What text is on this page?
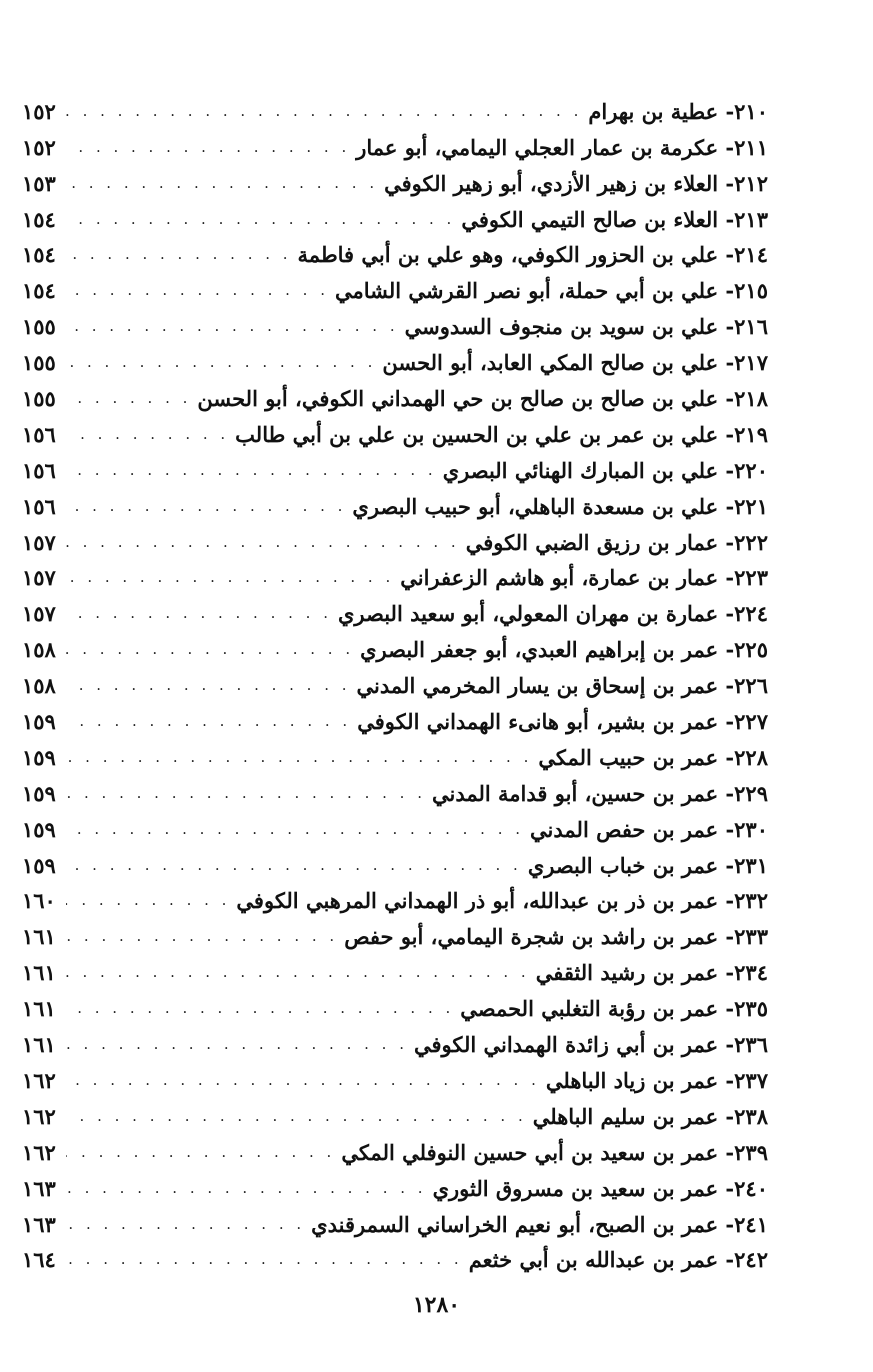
٢١٠- عطية بن بهرام
. . .
١٥٢
٢١١- عكرمة بن عمار العجلي اليمامي، أبو عمار
. . .
١٥٢
٢١٢- العلاء بن زهير الأزدي، أبو زهير الكوفي
. . .
١٥٣
٢١٣- العلاء بن صالح التيمي الكوفي
. . .
١٥٤
٢١٤- علي بن الحزور الكوفي، وهو علي بن أبي فاطمة
. . .
١٥٤
٢١٥- علي بن أبي حملة، أبو نصر القرشي الشامي
. . .
١٥٤
٢١٦- علي بن سويد بن منجوف السدوسي
. . .
١٥٥
٢١٧- علي بن صالح المكي العابد، أبو الحسن
. . .
١٥٥
٢١٨- علي بن صالح بن صالح بن حي الهمداني الكوفي، أبو الحسن
. . .
١٥٥
٢١٩- علي بن عمر بن علي بن الحسين بن علي بن أبي طالب
. . .
١٥٦
٢٢٠- علي بن المبارك الهنائي البصري
. . .
١٥٦
٢٢١- علي بن مسعدة الباهلي، أبو حبيب البصري
. . .
١٥٦
٢٢٢- عمار بن رزيق الضبي الكوفي
. . .
١٥٧
٢٢٣- عمار بن عمارة، أبو هاشم الزعفراني
. . .
١٥٧
٢٢٤- عمارة بن مهران المعولي، أبو سعيد البصري
. . .
١٥٧
٢٢٥- عمر بن إبراهيم العبدي، أبو جعفر البصري
. . .
١٥٨
٢٢٦- عمر بن إسحاق بن يسار المخرمي المدني
. . .
١٥٨
٢٢٧- عمر بن بشير، أبو هانىء الهمداني الكوفي
. . .
١٥٩
٢٢٨- عمر بن حبيب المكي
. . .
١٥٩
٢٢٩- عمر بن حسين، أبو قدامة المدني
. . .
١٥٩
٢٣٠- عمر بن حفص المدني
. . .
١٥٩
٢٣١- عمر بن خباب البصري
. . .
١٥٩
٢٣٢- عمر بن ذر بن عبدالله، أبو ذر الهمداني المرهبي الكوفي
. . .
١٦٠
٢٣٣- عمر بن راشد بن شجرة اليمامي، أبو حفص
. . .
١٦١
٢٣٤- عمر بن رشيد الثقفي
. . .
١٦١
٢٣٥- عمر بن رؤبة التغلبي الحمصي
. . .
١٦١
٢٣٦- عمر بن أبي زائدة الهمداني الكوفي
. . .
١٦١
٢٣٧- عمر بن زياد الباهلي
. . .
١٦٢
٢٣٨- عمر بن سليم الباهلي
. . .
١٦٢
٢٣٩- عمر بن سعيد بن أبي حسين النوفلي المكي
. . .
١٦٢
٢٤٠- عمر بن سعيد بن مسروق الثوري
. . .
١٦٣
٢٤١- عمر بن الصبح، أبو نعيم الخراساني السمرقندي
. . .
١٦٣
٢٤٢- عمر بن عبدالله بن أبي خثعم
. . .
١٦٤
١٢٨٠
